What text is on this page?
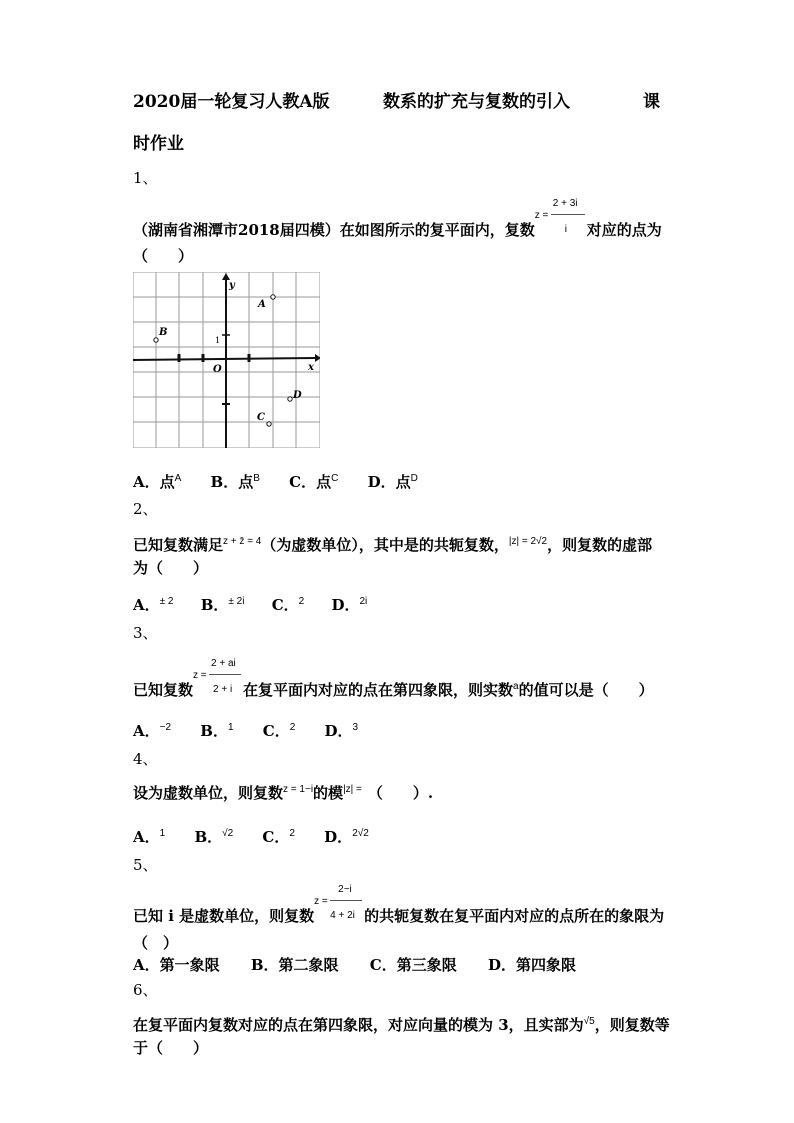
2020届一轮复习人教A版	数系的扩充与复数的引入	课
时作业
1、
（湖南省湘潭市2018届四模）在如图所示的复平面内，复数
z =
2 + 3i
i 对应的点为
（　　）
A
B
C
D
O	x
y
1
A．点$^A$ B．点$^B$ C．点$^C$ D．点$^D$
2、
已知复数满足$^{z + z̄ = 4}$（为虚数单位），其中是的共轭复数，$^{|z| = 2√2}$，则复数的虚部
为（　　）
A．$^{\pm 2}$ B．$^{\pm 2i}$ C．$^2$ D．$^{2i}$
3、
已知复数
z =
2 + ai
2 + i 在复平面内对应的点在第四象限，则实数$^a$的值可以是（　　）
A．$^{-2}$ B．$^1$ C．$^2$ D．$^3$
4、
设为虚数单位，则复数$^{z = 1-i}$的模$^{|z| =}$ （　　）.
A．$^1$ B．$^{√2}$ C．$^2$ D．$^{2√2}$
5、
已知 i 是虚数单位，则复数
z =
2−i
4 + 2i 的共轭复数在复平面内对应的点所在的象限为
（　）
A．第一象限 B．第二象限 C．第三象限 D．第四象限
6、
在复平面内复数对应的点在第四象限，对应向量的模为 3，且实部为$^{√5}$，则复数等
于（　　）
